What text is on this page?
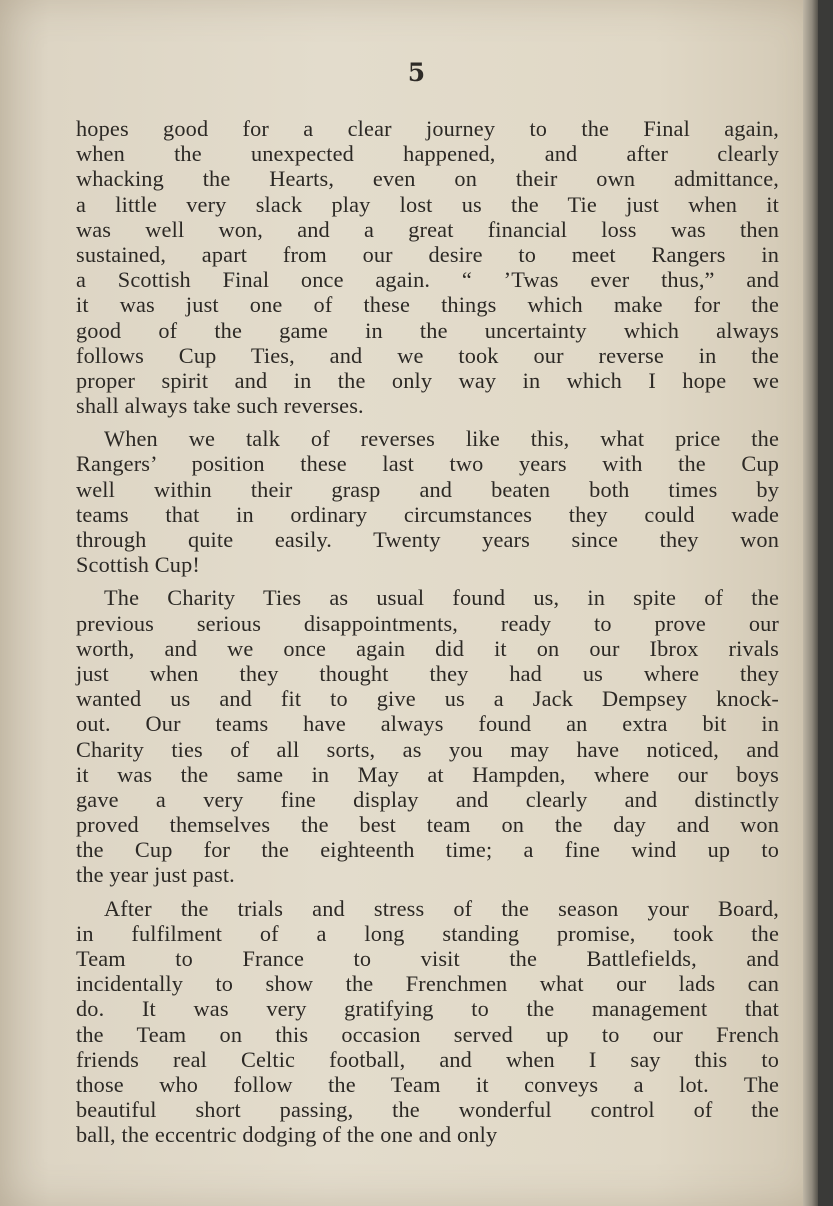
5
hopes good for a clear journey to the Final again,
when the unexpected happened, and after clearly
whacking the Hearts, even on their own admittance,
a little very slack play lost us the Tie just when it
was well won, and a great financial loss was then
sustained, apart from our desire to meet Rangers in
a Scottish Final once again. “ ’Twas ever thus,” and
it was just one of these things which make for the
good of the game in the uncertainty which always
follows Cup Ties, and we took our reverse in the
proper spirit and in the only way in which I hope we
shall always take such reverses.
When we talk of reverses like this, what price the
Rangers’ position these last two years with the Cup
well within their grasp and beaten both times by
teams that in ordinary circumstances they could wade
through quite easily. Twenty years since they won
Scottish Cup!
The Charity Ties as usual found us, in spite of the
previous serious disappointments, ready to prove our
worth, and we once again did it on our Ibrox rivals
just when they thought they had us where they
wanted us and fit to give us a Jack Dempsey knock-
out. Our teams have always found an extra bit in
Charity ties of all sorts, as you may have noticed, and
it was the same in May at Hampden, where our boys
gave a very fine display and clearly and distinctly
proved themselves the best team on the day and won
the Cup for the eighteenth time; a fine wind up to
the year just past.
After the trials and stress of the season your Board,
in fulfilment of a long standing promise, took the
Team to France to visit the Battlefields, and
incidentally to show the Frenchmen what our lads can
do. It was very gratifying to the management that
the Team on this occasion served up to our French
friends real Celtic football, and when I say this to
those who follow the Team it conveys a lot. The
beautiful short passing, the wonderful control of the
ball, the eccentric dodging of the one and only
